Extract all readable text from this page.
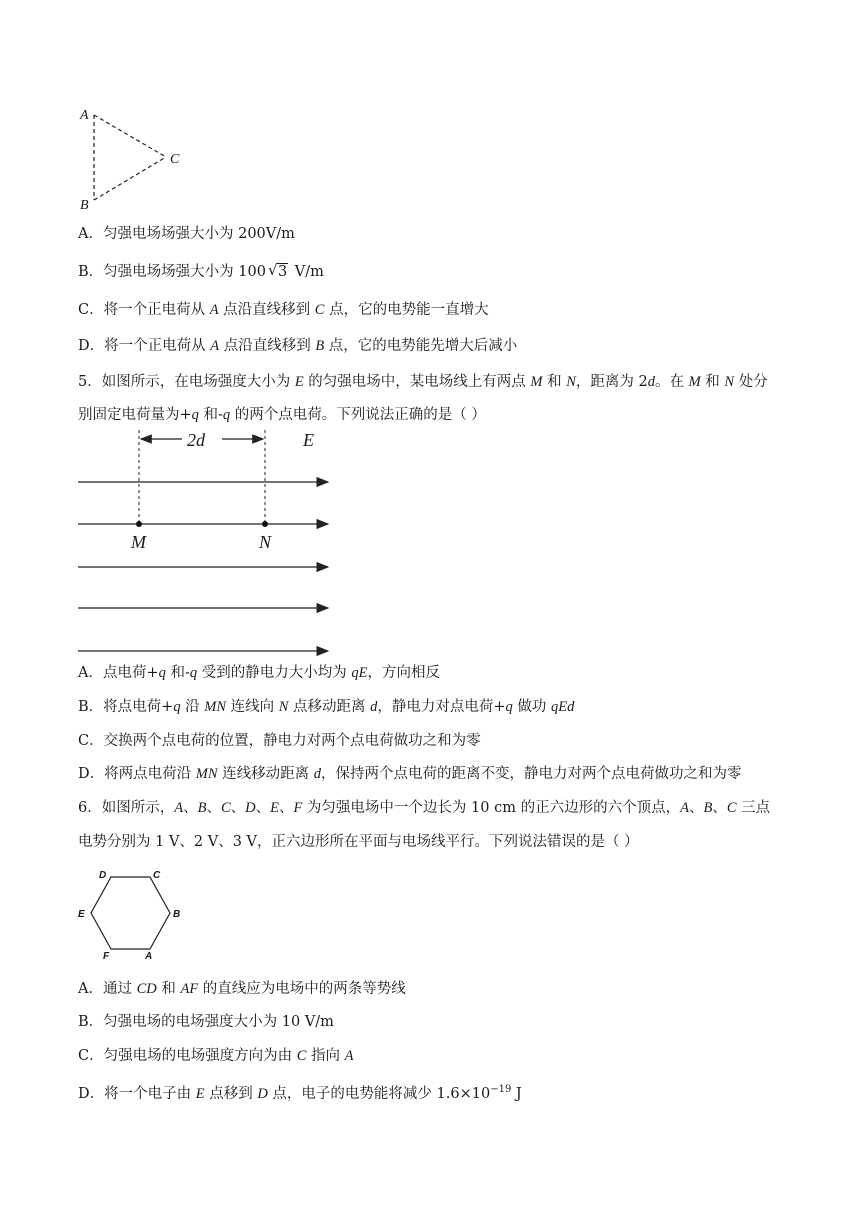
A
B
C
A．匀强电场场强大小为 200V/m
B．匀强电场场强大小为 100√ 3 V/m
C．将一个正电荷从 A 点沿直线移到 C 点，它的电势能一直增大
D．将一个正电荷从 A 点沿直线移到 B 点，它的电势能先增大后减小
5．如图所示，在电场强度大小为 E 的匀强电场中，某电场线上有两点 M 和 N，距离为 2d。在 M 和 N 处分
别固定电荷量为+q 和-q 的两个点电荷。下列说法正确的是（ ）
2d	E
M	N
A．点电荷+q 和-q 受到的静电力大小均为 qE，方向相反
B．将点电荷+q 沿 MN 连线向 N 点移动距离 d，静电力对点电荷+q 做功 qEd
C．交换两个点电荷的位置，静电力对两个点电荷做功之和为零
D．将两点电荷沿 MN 连线移动距离 d，保持两个点电荷的距离不变，静电力对两个点电荷做功之和为零
6．如图所示，A、B、C、D、E、F 为匀强电场中一个边长为 10 cm 的正六边形的六个顶点，A、B、C 三点
电势分别为 1 V、2 V、3 V，正六边形所在平面与电场线平行。下列说法错误的是（ ）
D	C
E	B
F	A
A．通过 CD 和 AF 的直线应为电场中的两条等势线
B．匀强电场的电场强度大小为 10 V/m
C．匀强电场的电场强度方向为由 C 指向 A
D．将一个电子由 E 点移到 D 点，电子的电势能将减少 $1.6\times 10^{-19}$ J
